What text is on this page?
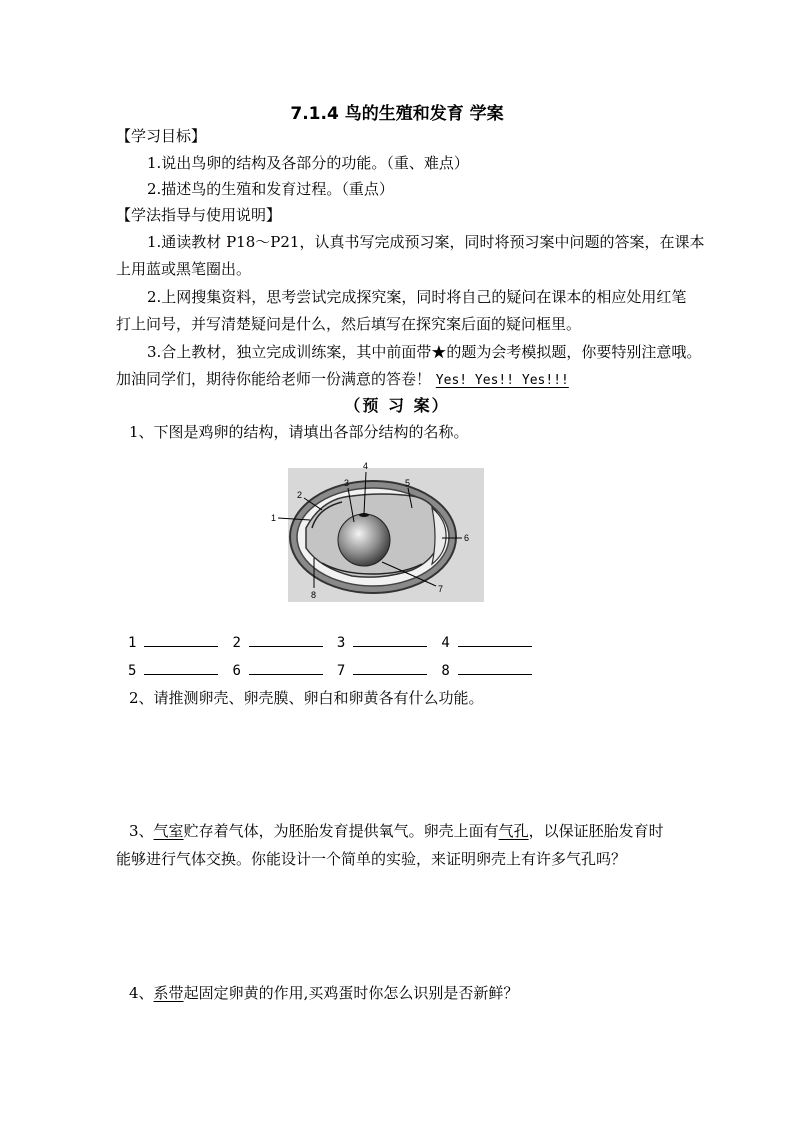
7.1.4 鸟的生殖和发育 学案
【学习目标】
1.说出鸟卵的结构及各部分的功能。（重、难点）
2.描述鸟的生殖和发育过程。（重点）
【学法指导与使用说明】
1.通读教材 P18～P21，认真书写完成预习案，同时将预习案中问题的答案，在课本
上用蓝或黑笔圈出。
2.上网搜集资料，思考尝试完成探究案，同时将自己的疑问在课本的相应处用红笔
打上问号，并写清楚疑问是什么，然后填写在探究案后面的疑问框里。
3.合上教材，独立完成训练案，其中前面带★的题为会考模拟题，你要特别注意哦。
加油同学们，期待你能给老师一份满意的答卷！ Yes! Yes!! Yes!!!
（预 习 案）
1、下图是鸡卵的结构，请填出各部分结构的名称。
1
2
3
4
5
6
7
8
1	2	3	4
5	6	7	8
2、请推测卵壳、卵壳膜、卵白和卵黄各有什么功能。
3、气室贮存着气体，为胚胎发育提供氧气。卵壳上面有气孔，以保证胚胎发育时
能够进行气体交换。你能设计一个简单的实验，来证明卵壳上有许多气孔吗？
4、系带起固定卵黄的作用,买鸡蛋时你怎么识别是否新鲜？
